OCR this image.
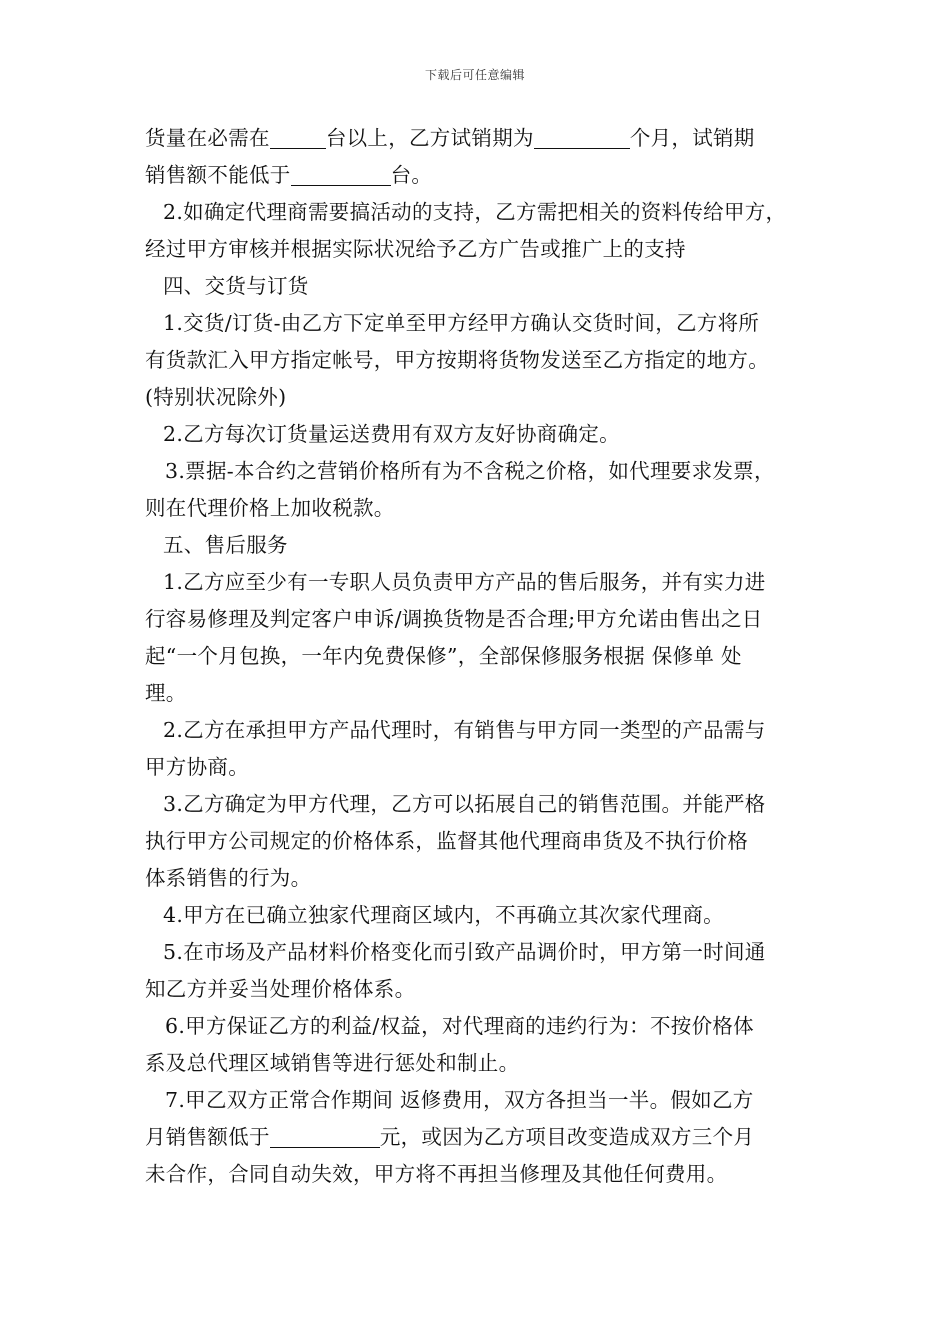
下载后可任意编辑
货量在必需在	台以上，乙方试销期为	个月，试销期
销售额不能低于	台。
2.如确定代理商需要搞活动的支持，乙方需把相关的资料传给甲方，
经过甲方审核并根据实际状况给予乙方广告或推广上的支持
四、交货与订货
1.交货/订货-由乙方下定单至甲方经甲方确认交货时间，乙方将所
有货款汇入甲方指定帐号，甲方按期将货物发送至乙方指定的地方。
(特别状况除外)
2.乙方每次订货量运送费用有双方友好协商确定。
3.票据-本合约之营销价格所有为不含税之价格，如代理要求发票，
则在代理价格上加收税款。
五、售后服务
1.乙方应至少有一专职人员负责甲方产品的售后服务，并有实力进
行容易修理及判定客户申诉/调换货物是否合理;甲方允诺由售出之日
起“一个月包换，一年内免费保修”，全部保修服务根据 保修单 处
理。
2.乙方在承担甲方产品代理时，有销售与甲方同一类型的产品需与
甲方协商。
3.乙方确定为甲方代理，乙方可以拓展自己的销售范围。并能严格
执行甲方公司规定的价格体系，监督其他代理商串货及不执行价格
体系销售的行为。
4.甲方在已确立独家代理商区域内，不再确立其次家代理商。
5.在市场及产品材料价格变化而引致产品调价时，甲方第一时间通
知乙方并妥当处理价格体系。
6.甲方保证乙方的利益/权益，对代理商的违约行为：不按价格体
系及总代理区域销售等进行惩处和制止。
7.甲乙双方正常合作期间 返修费用，双方各担当一半。假如乙方
月销售额低于	元，或因为乙方项目改变造成双方三个月
未合作，合同自动失效，甲方将不再担当修理及其他任何费用。
